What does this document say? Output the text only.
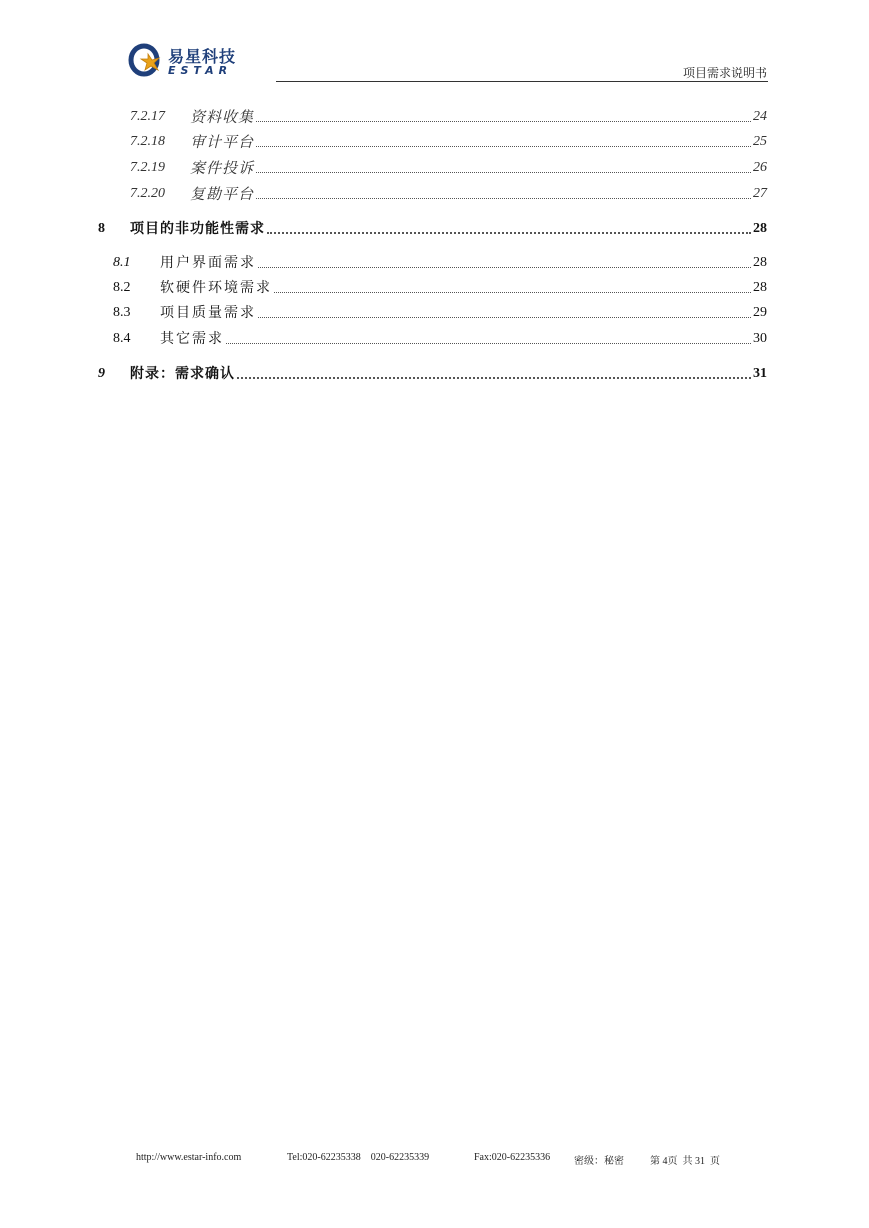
易星科技
ESTAR	项目需求说明书
7.2.17	资料收集	24
7.2.18	审计平台	25
7.2.19	案件投诉	26
7.2.20	复勘平台	27
8	项目的非功能性需求	28
8.1	用户界面需求	28
8.2	软硬件环境需求	28
8.3	项目质量需求	29
8.4	其它需求	30
9	附录：需求确认	31
http://www.estar-info.com	Tel:020-62235338    020-62235339	Fax:020-62235336 密级：秘密	第 4页  共 31  页
